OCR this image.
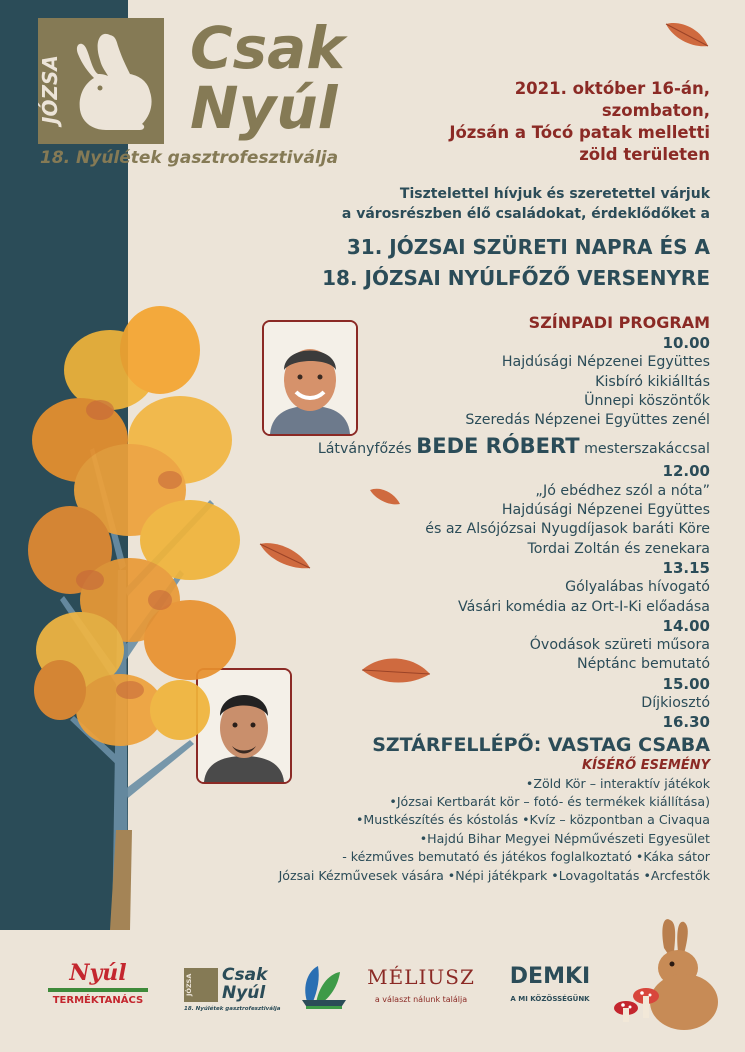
JÓZSA
Csak
Nyúl
18. Nyúlétek gasztrofesztiválja
2021. október 16-án,
szombaton,
Józsán a Tócó patak melletti
zöld területen
Tisztelettel hívjuk és szeretettel várjuk
a városrészben élő családokat, érdeklődőket a
31. JÓZSAI SZÜRETI NAPRA ÉS A
18. JÓZSAI NYÚLFŐZŐ VERSENYRE
SZÍNPADI PROGRAM
10.00
Hajdúsági Népzenei Együttes
Kisbíró kikiálltás
Ünnepi köszöntők
Szeredás Népzenei Együttes zenél
Látványfőzés BEDE RÓBERT mesterszakáccsal
12.00
„Jó ebédhez szól a nóta”
Hajdúsági Népzenei Együttes
és az Alsójózsai Nyugdíjasok baráti Köre
Tordai Zoltán és zenekara
13.15
Gólyalábas hívogató
Vásári komédia az Ort-I-Ki előadása
14.00
Óvodások szüreti műsora
Néptánc bemutató
15.00
Díjkiosztó
16.30
SZTÁRFELLÉPŐ: VASTAG CSABA
KÍSÉRŐ ESEMÉNY
•Zöld Kör – interaktív játékok
•Józsai Kertbarát kör – fotó- és termékek kiállítása)
•Mustkészítés és kóstolás •Kvíz – központban a Civaqua
•Hajdú Bihar Megyei Népművészeti Egyesület
- kézműves bemutató és játékos foglalkoztató •Káka sátor
Józsai Kézművesek vására •Népi játékpark •Lovagoltatás •Arcfestők
Nyúl
TERMÉKTANÁCS
JÓZSA Csak
Nyúl
18. Nyúlétek gasztrofesztiválja
MÉLIUSZ
a választ nálunk találja
DEMKI
A MI KÖZÖSSÉGÜNK
